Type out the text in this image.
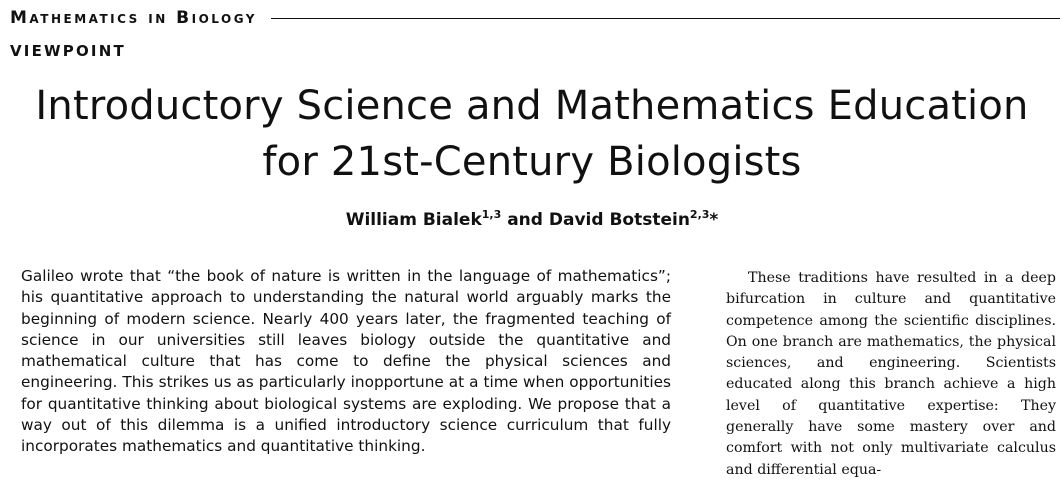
Mathematics in Biology
VIEWPOINT
Introductory Science and Mathematics Education
for 21st-Century Biologists
William Bialek$^{1,3}$ and David Botstein$^{2,3}$*

Galileo wrote that “the book of nature is written in the language of mathematics”; his quantitative approach to understanding the natural world arguably marks the beginning of modern science. Nearly 400 years later, the fragmented teaching of science in our universities still leaves biology outside the quantitative and mathematical culture that has come to define the physical sciences and engineering. This strikes us as particularly inopportune at a time when opportunities for quantitative thinking about biological systems are exploding. We propose that a way out of this dilemma is a unified introductory science curriculum that fully incorporates mathematics and quantitative thinking.

These traditions have resulted in a deep bifurcation in culture and quantitative competence among the scientific disciplines. On one branch are mathematics, the physical sciences, and engineering. Scientists educated along this branch achieve a high level of quantitative expertise: They generally have some mastery over and comfort with not only multivariate calculus and differential equa-
